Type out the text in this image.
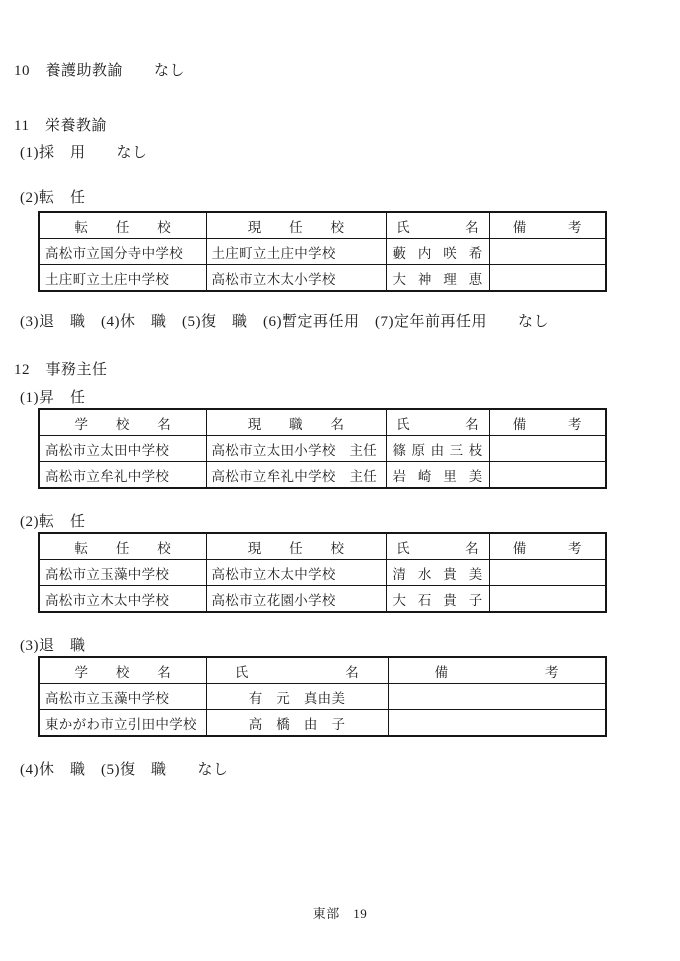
10　養護助教諭　　なし
11　栄養教諭
(1)採　用　　なし
(2)転　任
転　　任　　校	現　　任　　校	氏　　　　名	備　　　考
高松市立国分寺中学校	土庄町立土庄中学校	藪 内 咲 希	
土庄町立土庄中学校	高松市立木太小学校	大 神 理 恵	
(3)退　職　(4)休　職　(5)復　職　(6)暫定再任用　(7)定年前再任用　　なし
12　事務主任
(1)昇　任
学　　校　　名	現　　職　　名	氏　　　　名	備　　　考
高松市立太田中学校	高松市立太田小学校　主任	篠 原 由 三 枝	
高松市立牟礼中学校	高松市立牟礼中学校　主任	岩 崎 里 美	
(2)転　任
転　　任　　校	現　　任　　校	氏　　　　名	備　　　考
高松市立玉藻中学校	高松市立木太中学校	清 水 貴 美	
高松市立木太中学校	高松市立花園小学校	大 石 貴 子	
(3)退　職
学　　校　　名	氏　　　　　　　名	備　　　　　　　考
高松市立玉藻中学校	有　元　真由美	
東かがわ市立引田中学校	高　橋　由　子	
(4)休　職　(5)復　職　　なし
東部　19
